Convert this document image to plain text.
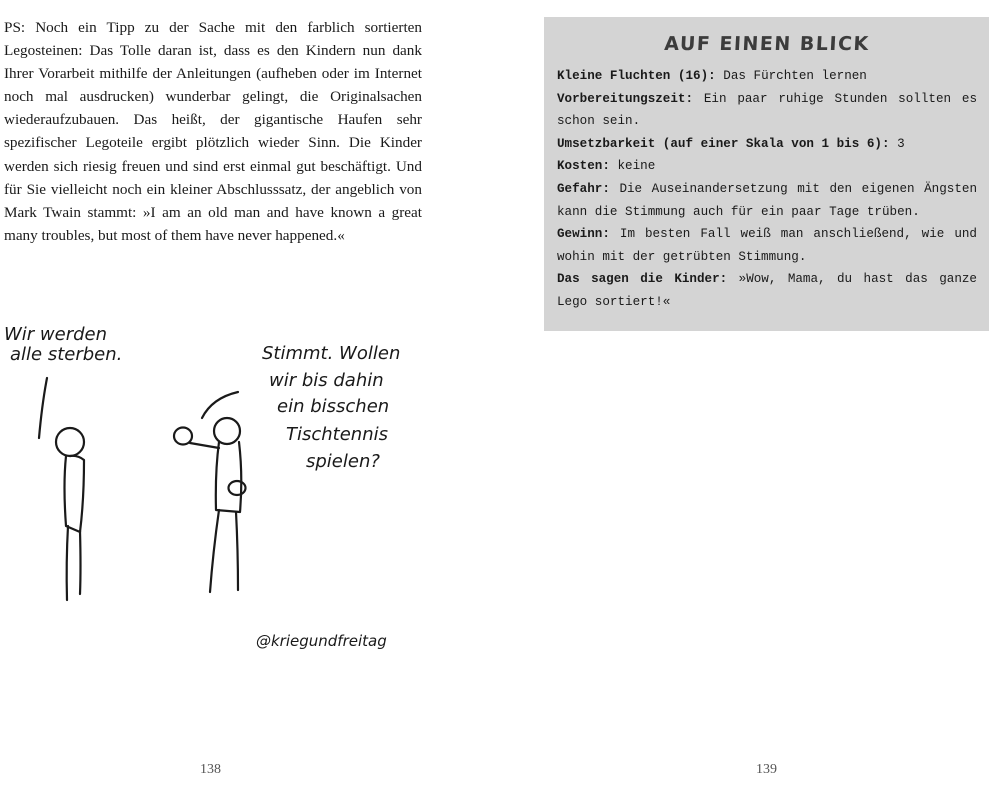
PS: Noch ein Tipp zu der Sache mit den farblich sortierten Legosteinen: Das Tolle daran ist, dass es den Kindern nun dank Ihrer Vorarbeit mithilfe der Anleitungen (aufheben oder im Internet noch mal ausdrucken) wunderbar gelingt, die Originalsachen wiederaufzubauen. Das heißt, der gigantische Haufen sehr spezifischer Legoteile ergibt plötzlich wieder Sinn. Die Kinder werden sich riesig freuen und sind erst einmal gut beschäftigt. Und für Sie vielleicht noch ein kleiner Abschlusssatz, der angeblich von Mark Twain stammt: »I am an old man and have known a great many troubles, but most of them have never happened.«

Wir werden
alle sterben.	Stimmt. Wollen
wir bis dahin
ein bisschen
Tischtennis
spielen?
@kriegundfreitag
138
AUF EINEN BLICK

Kleine Fluchten (16): Das Fürchten lernen

Vorbereitungszeit: Ein paar ruhige Stunden sollten es schon sein.

Umsetzbarkeit (auf einer Skala von 1 bis 6): 3

Kosten: keine

Gefahr: Die Auseinandersetzung mit den eigenen Ängsten kann die Stimmung auch für ein paar Tage trüben.

Gewinn: Im besten Fall weiß man anschließend, wie und wohin mit der getrübten Stimmung.

Das sagen die Kinder: »Wow, Mama, du hast das ganze Lego sortiert!«

139
